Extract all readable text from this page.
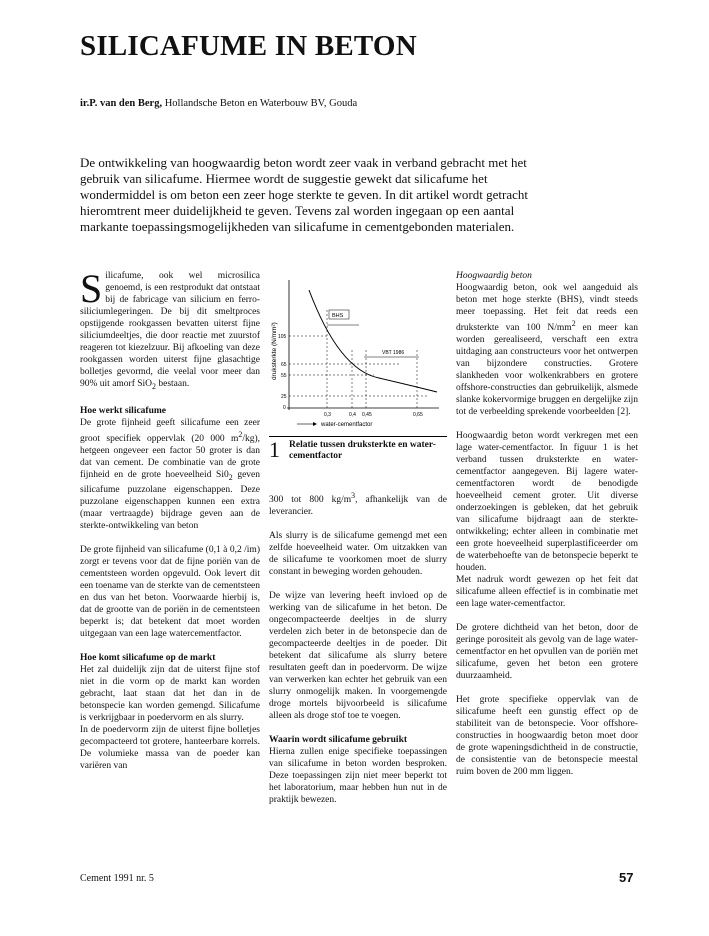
SILICAFUME IN BETON
ir.P. van den Berg, Hollandsche Beton en Waterbouw BV, Gouda
De ontwikkeling van hoogwaardig beton wordt zeer vaak in verband gebracht met het gebruik van silicafume. Hiermee wordt de suggestie gewekt dat silicafume het wondermiddel is om beton een zeer hoge sterkte te geven. In dit artikel wordt getracht hieromtrent meer duidelijkheid te geven. Tevens zal worden ingegaan op een aantal markante toepassingsmogelijkheden van silicafume in cementgebonden materialen.

Silicafume, ook wel microsilica genoemd, is een restprodukt dat ontstaat bij de fabricage van silicium en ferro-siliciumlegeringen. De bij dit smeltproces opstijgende rookgassen bevatten uiterst fijne siliciumdeeltjes, die door reactie met zuurstof reageren tot kiezelzuur. Bij afkoeling van deze rookgassen worden uiterst fijne glasachtige bolletjes gevormd, die veelal voor meer dan 90% uit amorf SiO$_2$ bestaan.

Hoe werkt silicafume

De grote fijnheid geeft silicafume een zeer groot specifiek oppervlak (20 000 $m^2/kg$), hetgeen ongeveer een factor 50 groter is dan dat van cement. De combinatie van de grote fijnheid en de grote hoeveelheid $Si0_2$ geven silicafume puzzolane eigenschappen. Deze puzzolane eigenschappen kunnen een extra (maar vertraagde) bijdrage geven aan de sterkte-ontwikkeling van beton

De grote fijnheid van silicafume (0,1 à 0,2 /im) zorgt er tevens voor dat de fijne poriën van de cementsteen worden opgevuld. Ook levert dit een toename van de sterkte van de cementsteen en dus van het beton. Voorwaarde hierbij is, dat de grootte van de poriën in de cementsteen beperkt is; dat betekent dat moet worden uitgegaan van een lage watercementfactor.

Hoe komt silicafume op de markt

Het zal duidelijk zijn dat de uiterst fijne stof niet in die vorm op de markt kan worden gebracht, laat staan dat het dan in de betonspecie kan worden gemengd. Silicafume is verkrijgbaar in poedervorm en als slurry.

In de poedervorm zijn de uiterst fijne bolletjes gecompacteerd tot grotere, hanteerbare korrels. De volumieke massa van de poeder kan variëren van

druksterkte (N/mm²) 105
65
55
25
0
BHS
VBT 1986
0,3	0,4 0,45	0,65
water-cementfactor
1 Relatie tussen druksterkte en water-cementfactor

300 tot 800 $kg/m^3$, afhankelijk van de leverancier.

Als slurry is de silicafume gemengd met een zelfde hoeveelheid water. Om uitzakken van de silicafume te voorkomen moet de slurry constant in beweging worden gehouden.

De wijze van levering heeft invloed op de werking van de silicafume in het beton. De ongecompacteerde deeltjes in de slurry verdelen zich beter in de betonspecie dan de gecompacteerde deeltjes in de poeder. Dit betekent dat silicafume als slurry betere resultaten geeft dan in poedervorm. De wijze van verwerken kan echter het gebruik van een slurry onmogelijk maken. In voorgemengde droge mortels bijvoorbeeld is silicafume alleen als droge stof toe te voegen.

Waarin wordt silicafume gebruikt

Hierna zullen enige specifieke toepassingen van silicafume in beton worden besproken. Deze toepassingen zijn niet meer beperkt tot het laboratorium, maar hebben hun nut in de praktijk bewezen.

Hoogwaardig beton

Hoogwaardig beton, ook wel aangeduid als beton met hoge sterkte (BHS), vindt steeds meer toepassing. Het feit dat reeds een druksterkte van 100 $N/mm^2$ en meer kan worden gerealiseerd, verschaft een extra uitdaging aan constructeurs voor het ontwerpen van bijzondere constructies. Grotere slankheden voor wolkenkrabbers en grotere offshore-constructies dan gebruikelijk, alsmede slanke kokervormige bruggen en dergelijke zijn tot de verbeelding sprekende voorbeelden [2].

Hoogwaardig beton wordt verkregen met een lage water-cementfactor. In figuur 1 is het verband tussen druksterkte en water-cementfactor aangegeven. Bij lagere water-cementfactoren wordt de benodigde hoeveelheid cement groter. Uit diverse onderzoekingen is gebleken, dat het gebruik van silicafume bijdraagt aan de sterkte-ontwikkeling; echter alleen in combinatie met een grote hoeveelheid superplastificeerder om de waterbehoefte van de betonspecie beperkt te houden.

Met nadruk wordt gewezen op het feit dat silicafume alleen effectief is in combinatie met een lage water-cementfactor.

De grotere dichtheid van het beton, door de geringe porositeit als gevolg van de lage water-cementfactor en het opvullen van de poriën met silicafume, geven het beton een grotere duurzaamheid.

Het grote specifieke oppervlak van de silicafume heeft een gunstig effect op de stabiliteit van de betonspecie. Voor offshore-constructies in hoogwaardig beton moet door de grote wapeningsdichtheid in de constructie, de consistentie van de betonspecie meestal ruim boven de 200 mm liggen.

Cement 1991 nr. 5	57
